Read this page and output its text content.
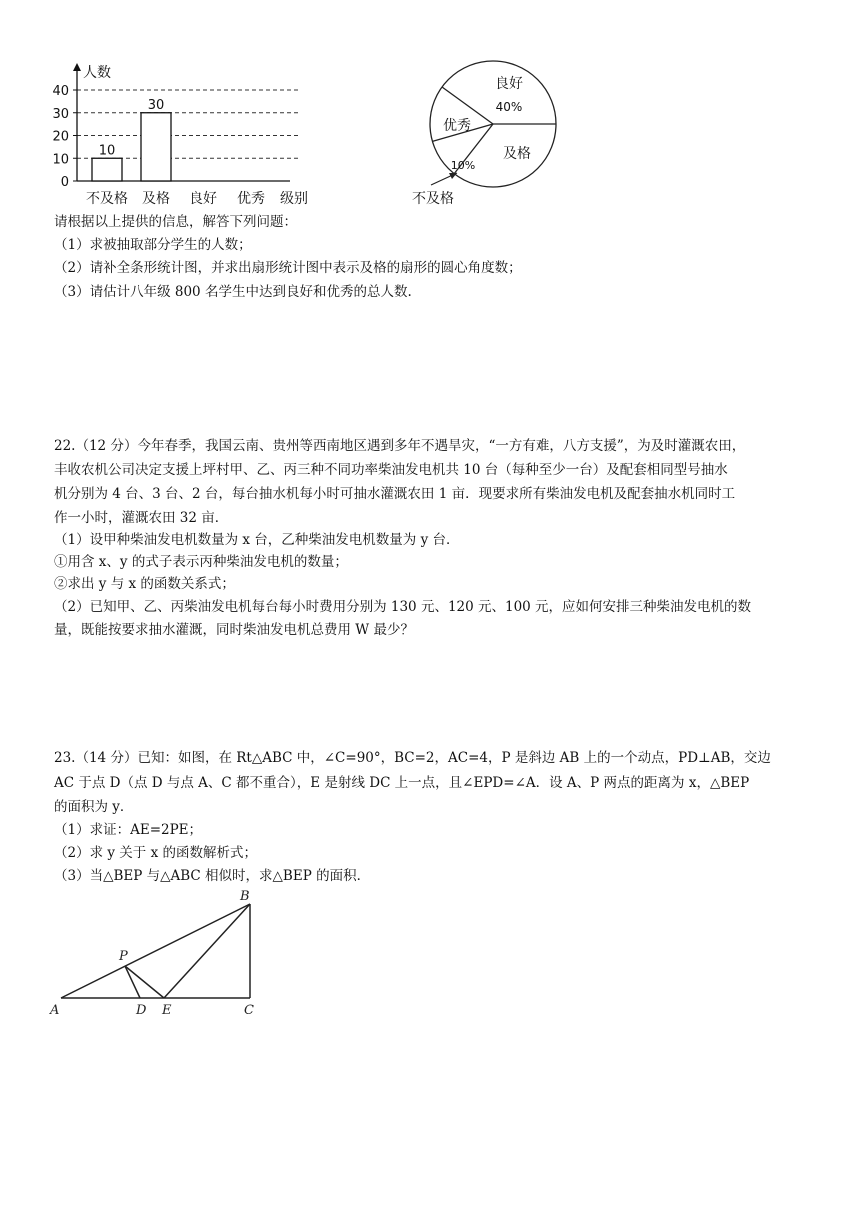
0
10
20
30
40
人数
10
不及格
30
及格 良好 优秀 级别
良好
40%
优秀
及格
10%
不及格
请根据以上提供的信息，解答下列问题：
（1）求被抽取部分学生的人数；
（2）请补全条形统计图，并求出扇形统计图中表示及格的扇形的圆心角度数；
（3）请估计八年级 800 名学生中达到良好和优秀的总人数.
22.（12 分）今年春季，我国云南、贵州等西南地区遇到多年不遇旱灾，“一方有难，八方支援”，为及时灌溉农田，
丰收农机公司决定支援上坪村甲、乙、丙三种不同功率柴油发电机共 10 台（每种至少一台）及配套相同型号抽水
机分别为 4 台、3 台、2 台，每台抽水机每小时可抽水灌溉农田 1 亩．现要求所有柴油发电机及配套抽水机同时工
作一小时，灌溉农田 32 亩．
（1）设甲种柴油发电机数量为 x 台，乙种柴油发电机数量为 y 台．
①用含 x、y 的式子表示丙种柴油发电机的数量；
②求出 y 与 x 的函数关系式；
（2）已知甲、乙、丙柴油发电机每台每小时费用分别为 130 元、120 元、100 元，应如何安排三种柴油发电机的数
量，既能按要求抽水灌溉，同时柴油发电机总费用 W 最少？
23.（14 分）已知：如图，在 Rt△ABC 中，∠C=90°，BC=2，AC=4，P 是斜边 AB 上的一个动点，PD⊥AB，交边
AC 于点 D（点 D 与点 A、C 都不重合），E 是射线 DC 上一点，且∠EPD=∠A．设 A、P 两点的距离为 x，△BEP
的面积为 y．
（1）求证：AE=2PE；
（2）求 y 关于 x 的函数解析式；
（3）当△BEP 与△ABC 相似时，求△BEP 的面积．
A
B
C
D E
P
